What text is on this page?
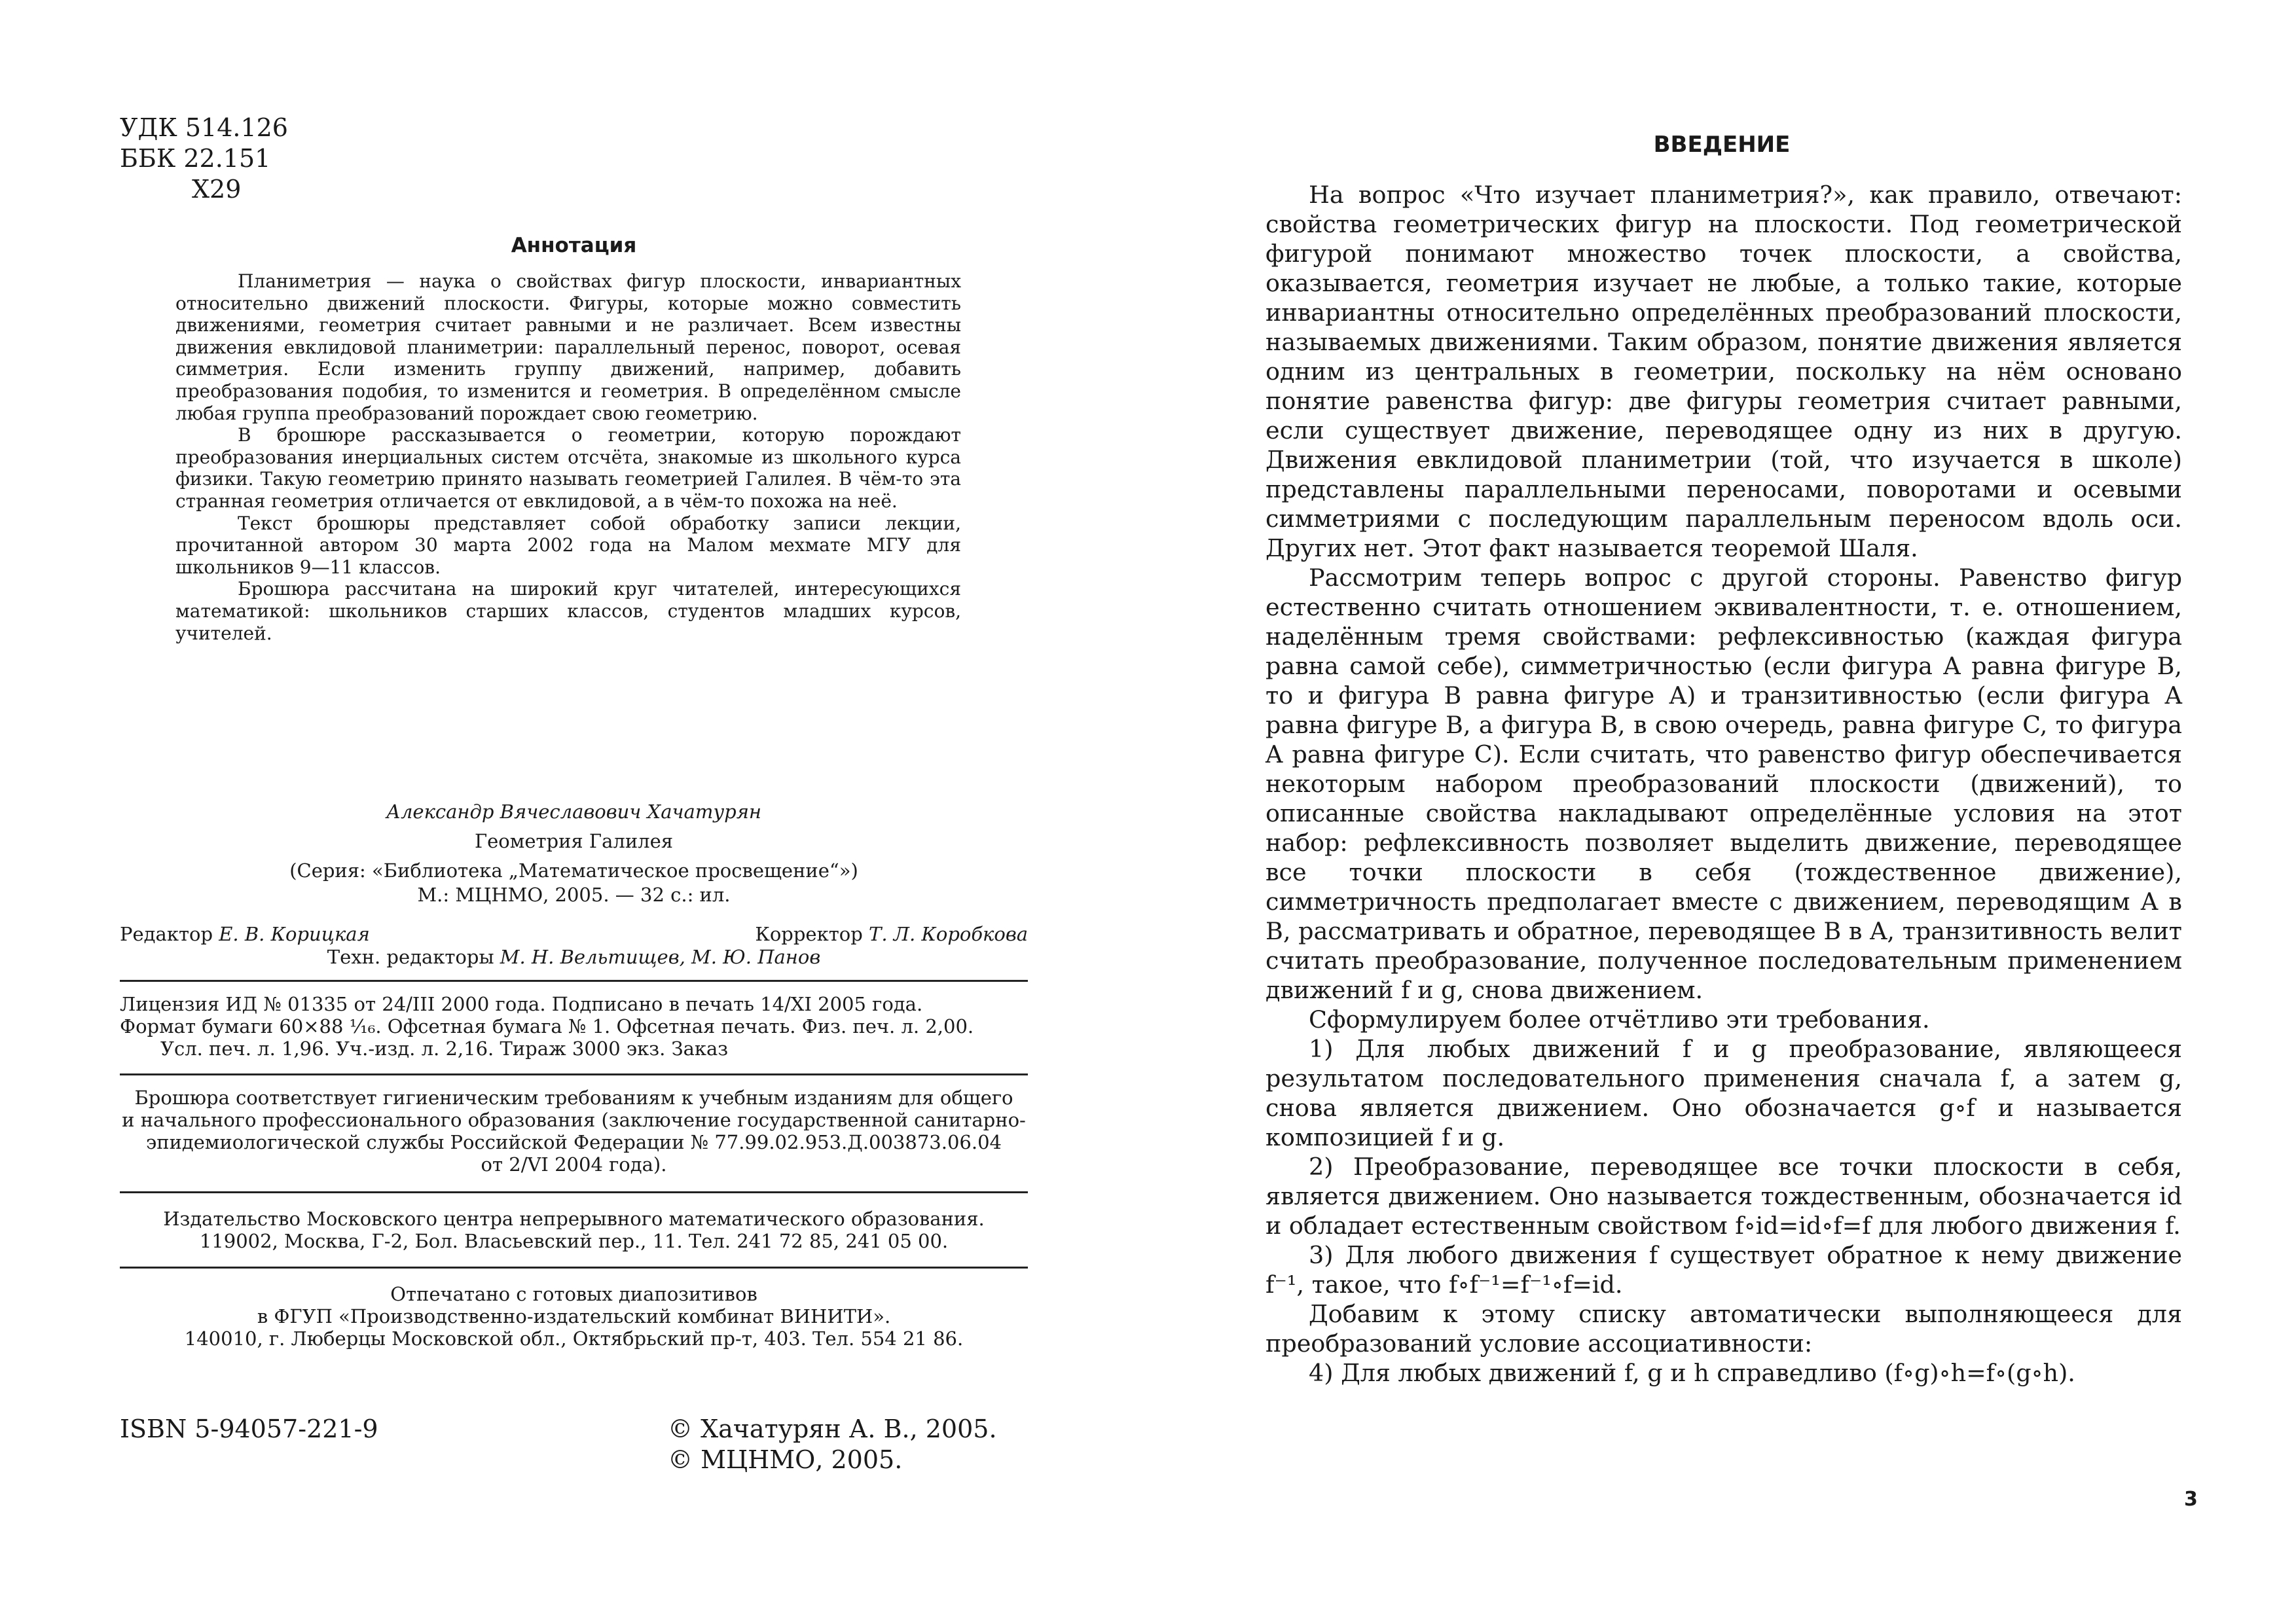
УДК 514.126
ББК 22.151
Х29
Аннотация

Планиметрия — наука о свойствах фигур плоскости, инвариантных относительно движений плоскости. Фигуры, которые можно совместить движениями, геометрия считает равными и не различает. Всем известны движения евклидовой планиметрии: параллельный перенос, поворот, осевая симметрия. Если изменить группу движений, например, добавить преобразования подобия, то изменится и геометрия. В определённом смысле любая группа преобразований порождает свою геометрию.

В брошюре рассказывается о геометрии, которую порождают преобразования инерциальных систем отсчёта, знакомые из школьного курса физики. Такую геометрию принято называть геометрией Галилея. В чём-то эта странная геометрия отличается от евклидовой, а в чём-то похожа на неё.

Текст брошюры представляет собой обработку записи лекции, прочитанной автором 30 марта 2002 года на Малом мехмате МГУ для школьников 9—11 классов.

Брошюра рассчитана на широкий круг читателей, интересующихся математикой: школьников старших классов, студентов младших курсов, учителей.

Александр Вячеславович Хачатурян
Геометрия Галилея
(Серия: «Библиотека „Математическое просвещение“»)
М.: МЦНМО, 2005. — 32 с.: ил.
Редактор Е. В. Корицкая	Корректор Т. Л. Коробкова
Техн. редакторы М. Н. Вельтищев, М. Ю. Панов
Лицензия ИД № 01335 от 24/III 2000 года. Подписано в печать 14/XI 2005 года.
Формат бумаги 60×88 ¹⁄₁₆. Офсетная бумага № 1. Офсетная печать. Физ. печ. л. 2,00.
Усл. печ. л. 1,96. Уч.-изд. л. 2,16. Тираж 3000 экз. Заказ
Брошюра соответствует гигиеническим требованиям к учебным изданиям для общего
и начального профессионального образования (заключение государственной санитарно-
эпидемиологической службы Российской Федерации № 77.99.02.953.Д.003873.06.04
от 2/VI 2004 года).
Издательство Московского центра непрерывного математического образования.
119002, Москва, Г-2, Бол. Власьевский пер., 11. Тел. 241 72 85, 241 05 00.
Отпечатано с готовых диапозитивов
в ФГУП «Производственно-издательский комбинат ВИНИТИ».
140010, г. Люберцы Московской обл., Октябрьский пр-т, 403. Тел. 554 21 86.
ISBN 5-94057-221-9	© Хачатурян А. В., 2005.
© МЦНМО, 2005.
ВВЕДЕНИЕ

На вопрос «Что изучает планиметрия?», как правило, отвечают: свойства геометрических фигур на плоскости. Под геометрической фигурой понимают множество точек плоскости, а свойства, оказывается, геометрия изучает не любые, а только такие, которые инвариантны относительно определённых преобразований плоскости, называемых движениями. Таким образом, понятие движения является одним из центральных в геометрии, поскольку на нём основано понятие равенства фигур: две фигуры геометрия считает равными, если существует движение, переводящее одну из них в другую. Движения евклидовой планиметрии (той, что изучается в школе) представлены параллельными переносами, поворотами и осевыми симметриями с последующим параллельным переносом вдоль оси. Других нет. Этот факт называется теоремой Шаля.

Рассмотрим теперь вопрос с другой стороны. Равенство фигур естественно считать отношением эквивалентности, т. е. отношением, наделённым тремя свойствами: рефлексивностью (каждая фигура равна самой себе), симметричностью (если фигура A равна фигуре B, то и фигура B равна фигуре A) и транзитивностью (если фигура A равна фигуре B, а фигура B, в свою очередь, равна фигуре C, то фигура A равна фигуре C). Если считать, что равенство фигур обеспечивается некоторым набором преобразований плоскости (движений), то описанные свойства накладывают определённые условия на этот набор: рефлексивность позволяет выделить движение, переводящее все точки плоскости в себя (тождественное движение), симметричность предполагает вместе с движением, переводящим A в B, рассматривать и обратное, переводящее B в A, транзитивность велит считать преобразование, полученное последовательным применением движений f и g, снова движением.

Сформулируем более отчётливо эти требования.

1) Для любых движений f и g преобразование, являющееся результатом последовательного применения сначала f, а затем g, снова является движением. Оно обозначается g∘f и называется композицией f и g.

2) Преобразование, переводящее все точки плоскости в себя, является движением. Оно называется тождественным, обозначается id и обладает естественным свойством f∘id=id∘f=f для любого движения f.

3) Для любого движения f существует обратное к нему движение f⁻¹, такое, что f∘f⁻¹=f⁻¹∘f=id.

Добавим к этому списку автоматически выполняющееся для преобразований условие ассоциативности:

4) Для любых движений f, g и h справедливо (f∘g)∘h=f∘(g∘h).

3
